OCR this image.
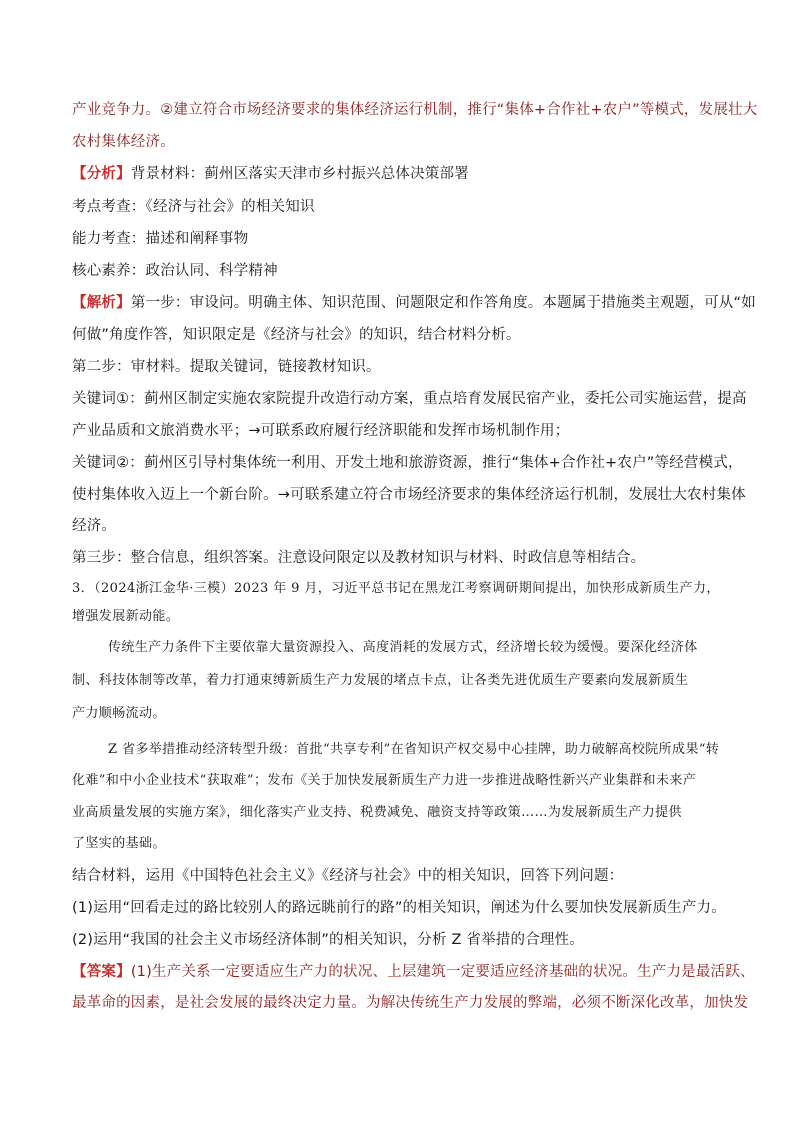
产业竞争力。②建立符合市场经济要求的集体经济运行机制，推行“集体+合作社+农户”等模式，发展壮大
农村集体经济。
【分析】背景材料：蓟州区落实天津市乡村振兴总体决策部署
考点考查：《经济与社会》的相关知识
能力考查：描述和阐释事物
核心素养：政治认同、科学精神
【解析】第一步：审设问。明确主体、知识范围、问题限定和作答角度。本题属于措施类主观题，可从“如
何做”角度作答，知识限定是《经济与社会》的知识，结合材料分析。
第二步：审材料。提取关键词，链接教材知识。
关键词①：蓟州区制定实施农家院提升改造行动方案，重点培育发展民宿产业，委托公司实施运营，提高
产业品质和文旅消费水平；→可联系政府履行经济职能和发挥市场机制作用；
关键词②：蓟州区引导村集体统一利用、开发土地和旅游资源，推行“集体+合作社+农户”等经营模式，
使村集体收入迈上一个新台阶。→可联系建立符合市场经济要求的集体经济运行机制，发展壮大农村集体
经济。
第三步：整合信息，组织答案。注意设问限定以及教材知识与材料、时政信息等相结合。
3．（2024浙江金华·三模）2023 年 9 月，习近平总书记在黑龙江考察调研期间提出，加快形成新质生产力，
增强发展新动能。
传统生产力条件下主要依靠大量资源投入、高度消耗的发展方式，经济增长较为缓慢。要深化经济体
制、科技体制等改革，着力打通束缚新质生产力发展的堵点卡点，让各类先进优质生产要素向发展新质生
产力顺畅流动。
Z 省多举措推动经济转型升级：首批“共享专利”在省知识产权交易中心挂牌，助力破解高校院所成果“转
化难”和中小企业技术“获取难”；发布《关于加快发展新质生产力进一步推进战略性新兴产业集群和未来产
业高质量发展的实施方案》，细化落实产业支持、税费减免、融资支持等政策……为发展新质生产力提供
了坚实的基础。
结合材料，运用《中国特色社会主义》《经济与社会》中的相关知识，回答下列问题：
(1)运用“回看走过的路比较别人的路远眺前行的路”的相关知识，阐述为什么要加快发展新质生产力。
(2)运用“我国的社会主义市场经济体制”的相关知识，分析 Z 省举措的合理性。
【答案】(1)生产关系一定要适应生产力的状况、上层建筑一定要适应经济基础的状况。生产力是最活跃、
最革命的因素，是社会发展的最终决定力量。为解决传统生产力发展的弊端，必须不断深化改革，加快发
